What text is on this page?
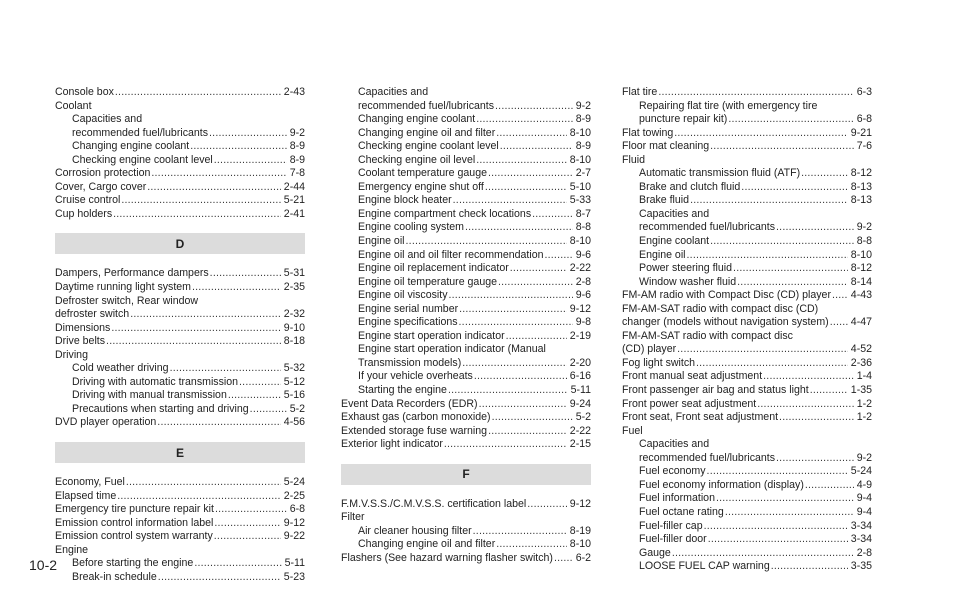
Console box .....	2-43
Coolant
Capacities and
recommended fuel/lubricants .....	9-2
Changing engine coolant .....	8-9
Checking engine coolant level .....	8-9
Corrosion protection .....	7-8
Cover, Cargo cover .....	2-44
Cruise control .....	5-21
Cup holders .....	2-41
D
Dampers, Performance dampers .....	5-31
Daytime running light system .....	2-35
Defroster switch, Rear window
defroster switch .....	2-32
Dimensions .....	9-10
Drive belts .....	8-18
Driving
Cold weather driving .....	5-32
Driving with automatic transmission .....	5-12
Driving with manual transmission .....	5-16
Precautions when starting and driving .....	5-2
DVD player operation .....	4-56
E
Economy, Fuel .....	5-24
Elapsed time .....	2-25
Emergency tire puncture repair kit .....	6-8
Emission control information label .....	9-12
Emission control system warranty .....	9-22
Engine
Before starting the engine .....	5-11
Break-in schedule .....	5-23
Capacities and
recommended fuel/lubricants .....	9-2
Changing engine coolant .....	8-9
Changing engine oil and filter .....	8-10
Checking engine coolant level .....	8-9
Checking engine oil level .....	8-10
Coolant temperature gauge .....	2-7
Emergency engine shut off .....	5-10
Engine block heater .....	5-33
Engine compartment check locations .....	8-7
Engine cooling system .....	8-8
Engine oil .....	8-10
Engine oil and oil filter recommendation .....	9-6
Engine oil replacement indicator .....	2-22
Engine oil temperature gauge .....	2-8
Engine oil viscosity .....	9-6
Engine serial number .....	9-12
Engine specifications .....	9-8
Engine start operation indicator .....	2-19
Engine start operation indicator (Manual
Transmission models) .....	2-20
If your vehicle overheats .....	6-16
Starting the engine .....	5-11
Event Data Recorders (EDR) .....	9-24
Exhaust gas (carbon monoxide) .....	5-2
Extended storage fuse warning .....	2-22
Exterior light indicator .....	2-15
F
F.M.V.S.S./C.M.V.S.S. certification label .....	9-12
Filter
Air cleaner housing filter .....	8-19
Changing engine oil and filter .....	8-10
Flashers (See hazard warning flasher switch) ..... 6-2
Flat tire .....	6-3
Repairing flat tire (with emergency tire
puncture repair kit) .....	6-8
Flat towing .....	9-21
Floor mat cleaning .....	7-6
Fluid
Automatic transmission fluid (ATF) .....	8-12
Brake and clutch fluid .....	8-13
Brake fluid .....	8-13
Capacities and
recommended fuel/lubricants .....	9-2
Engine coolant .....	8-8
Engine oil .....	8-10
Power steering fluid .....	8-12
Window washer fluid .....	8-14
FM-AM radio with Compact Disc (CD) player ..... 4-43
FM-AM-SAT radio with compact disc (CD)
changer (models without navigation system) ..... 4-47
FM-AM-SAT radio with compact disc
(CD) player .....	4-52
Fog light switch .....	2-36
Front manual seat adjustment .....	1-4
Front passenger air bag and status light .....	1-35
Front power seat adjustment .....	1-2
Front seat, Front seat adjustment .....	1-2
Fuel
Capacities and
recommended fuel/lubricants .....	9-2
Fuel economy .....	5-24
Fuel economy information (display) .....	4-9
Fuel information .....	9-4
Fuel octane rating .....	9-4
Fuel-filler cap .....	3-34
Fuel-filler door .....	3-34
Gauge .....	2-8
LOOSE FUEL CAP warning .....	3-35
10-2
